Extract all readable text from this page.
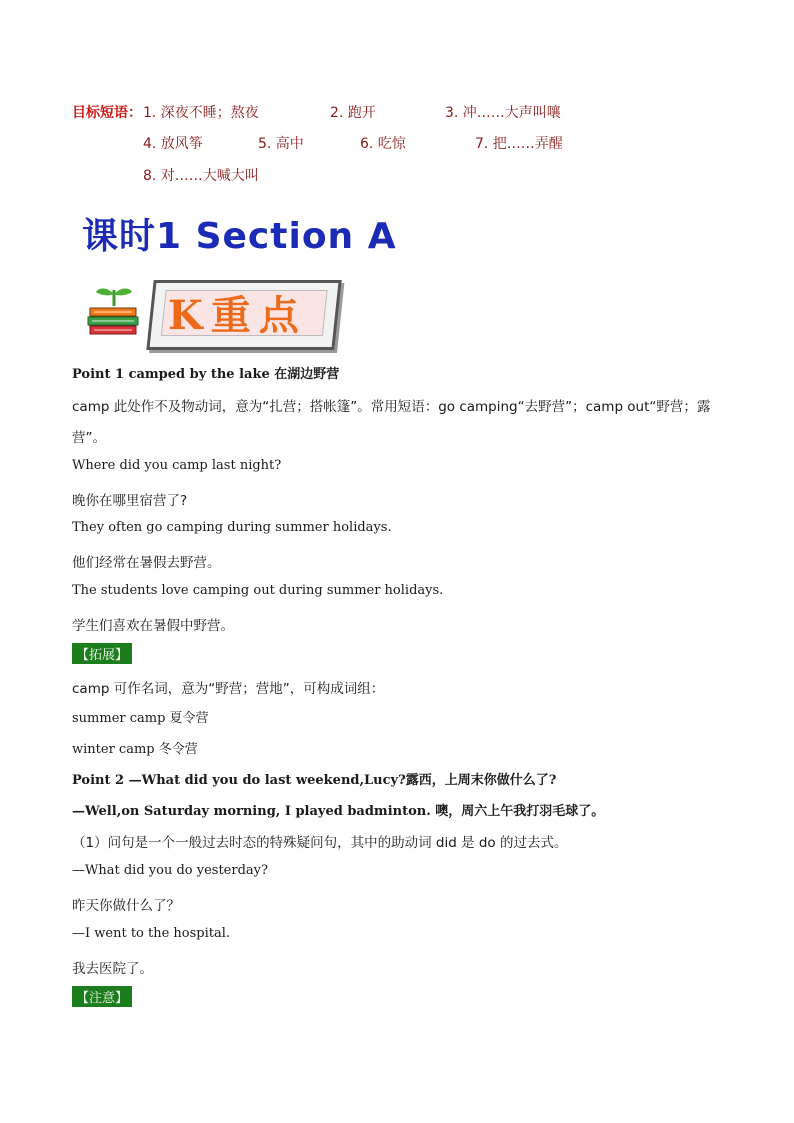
目标短语： 1. 深夜不睡；熬夜	2. 跑开	3. 冲……大声叫嚷
4. 放风筝	5. 高中	6. 吃惊	7. 把……弄醒
8. 对……大喊大叫
课时1 Section A
K重点
Point 1 camped by the lake 在湖边野营
camp 此处作不及物动词，意为“扎营；搭帐篷”。常用短语：go camping“去野营”；camp out“野营；露
营”。
Where did you camp last night?
晚你在哪里宿营了?
They often go camping during summer holidays.
他们经常在暑假去野营。
The students love camping out during summer holidays.
学生们喜欢在暑假中野营。
【拓展】
camp 可作名词，意为“野营；营地”，可构成词组：
summer camp 夏令营
winter camp 冬令营
Point 2 —What did you do last weekend,Lucy?露西，上周末你做什么了?
—Well,on Saturday morning, I played badminton. 噢，周六上午我打羽毛球了。
（1）问句是一个一般过去时态的特殊疑问句，其中的助动词 did 是 do 的过去式。
—What did you do yesterday?
昨天你做什么了？
—I went to the hospital.
我去医院了。
【注意】
